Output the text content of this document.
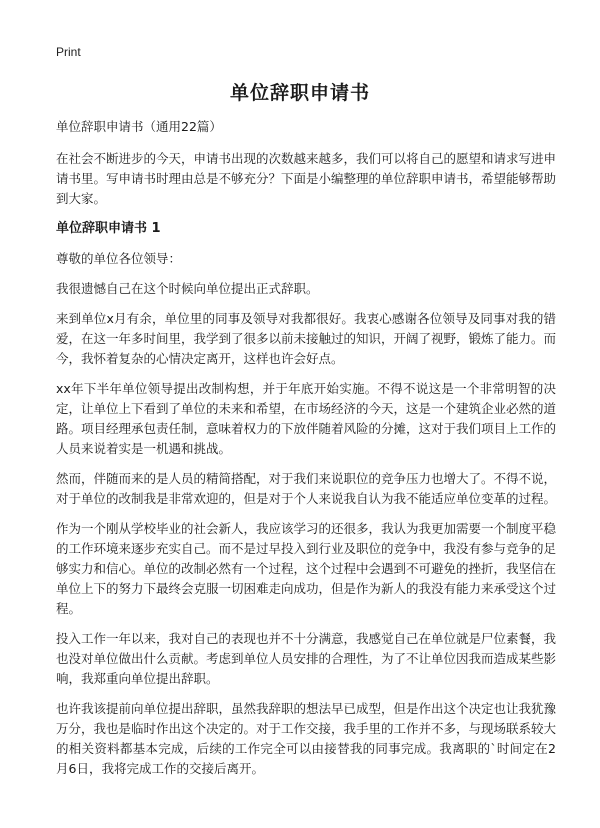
Print
单位辞职申请书

单位辞职申请书（通用22篇）

在社会不断进步的今天，申请书出现的次数越来越多，我们可以将自己的愿望和请求写进申请书里。写申请书时理由总是不够充分？下面是小编整理的单位辞职申请书，希望能够帮助到大家。

单位辞职申请书 1

尊敬的单位各位领导：

我很遗憾自己在这个时候向单位提出正式辞职。

来到单位x月有余，单位里的同事及领导对我都很好。我衷心感谢各位领导及同事对我的错爱，在这一年多时间里，我学到了很多以前未接触过的知识，开阔了视野，锻炼了能力。而今，我怀着复杂的心情决定离开，这样也许会好点。

xx年下半年单位领导提出改制构想，并于年底开始实施。不得不说这是一个非常明智的决定，让单位上下看到了单位的未来和希望，在市场经济的今天，这是一个建筑企业必然的道路。项目经理承包责任制，意味着权力的下放伴随着风险的分摊，这对于我们项目上工作的人员来说着实是一机遇和挑战。

然而，伴随而来的是人员的精简搭配，对于我们来说职位的竞争压力也增大了。不得不说，对于单位的改制我是非常欢迎的，但是对于个人来说我自认为我不能适应单位变革的过程。

作为一个刚从学校毕业的社会新人，我应该学习的还很多，我认为我更加需要一个制度平稳的工作环境来逐步充实自己。而不是过早投入到行业及职位的竞争中，我没有参与竞争的足够实力和信心。单位的改制必然有一个过程，这个过程中会遇到不可避免的挫折，我坚信在单位上下的努力下最终会克服一切困难走向成功，但是作为新人的我没有能力来承受这个过程。

投入工作一年以来，我对自己的表现也并不十分满意，我感觉自己在单位就是尸位素餐，我也没对单位做出什么贡献。考虑到单位人员安排的合理性，为了不让单位因我而造成某些影响，我郑重向单位提出辞职。

也许我该提前向单位提出辞职，虽然我辞职的想法早已成型，但是作出这个决定也让我犹豫万分，我也是临时作出这个决定的。对于工作交接，我手里的工作并不多，与现场联系较大的相关资料都基本完成，后续的工作完全可以由接替我的同事完成。我离职的`时间定在2月6日，我将完成工作的交接后离开。
